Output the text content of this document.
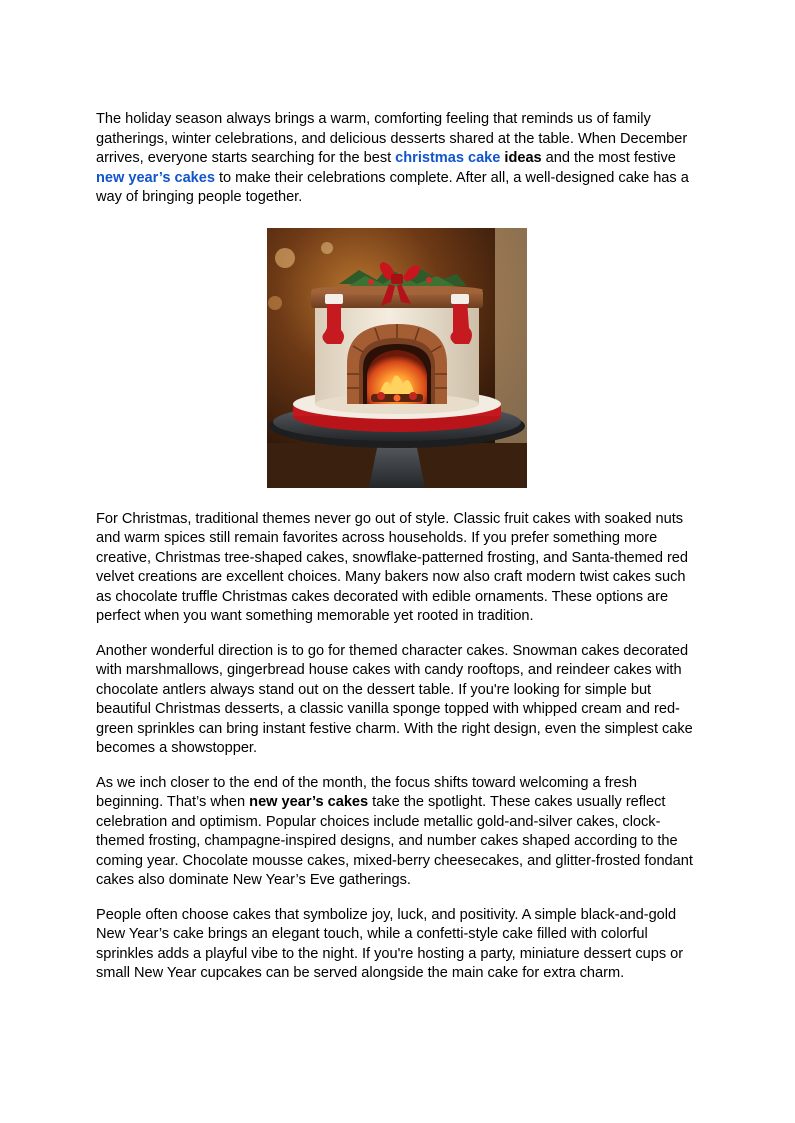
The holiday season always brings a warm, comforting feeling that reminds us of family gatherings, winter celebrations, and delicious desserts shared at the table. When December arrives, everyone starts searching for the best christmas cake ideas and the most festive new year’s cakes to make their celebrations complete. After all, a well-designed cake has a way of bringing people together.

For Christmas, traditional themes never go out of style. Classic fruit cakes with soaked nuts and warm spices still remain favorites across households. If you prefer something more creative, Christmas tree-shaped cakes, snowflake-patterned frosting, and Santa-themed red velvet creations are excellent choices. Many bakers now also craft modern twist cakes such as chocolate truffle Christmas cakes decorated with edible ornaments. These options are perfect when you want something memorable yet rooted in tradition.

Another wonderful direction is to go for themed character cakes. Snowman cakes decorated with marshmallows, gingerbread house cakes with candy rooftops, and reindeer cakes with chocolate antlers always stand out on the dessert table. If you're looking for simple but beautiful Christmas desserts, a classic vanilla sponge topped with whipped cream and red-green sprinkles can bring instant festive charm. With the right design, even the simplest cake becomes a showstopper.

As we inch closer to the end of the month, the focus shifts toward welcoming a fresh beginning. That’s when new year’s cakes take the spotlight. These cakes usually reflect celebration and optimism. Popular choices include metallic gold-and-silver cakes, clock-themed frosting, champagne-inspired designs, and number cakes shaped according to the coming year. Chocolate mousse cakes, mixed-berry cheesecakes, and glitter-frosted fondant cakes also dominate New Year’s Eve gatherings.

People often choose cakes that symbolize joy, luck, and positivity. A simple black-and-gold New Year’s cake brings an elegant touch, while a confetti-style cake filled with colorful sprinkles adds a playful vibe to the night. If you're hosting a party, miniature dessert cups or small New Year cupcakes can be served alongside the main cake for extra charm.
